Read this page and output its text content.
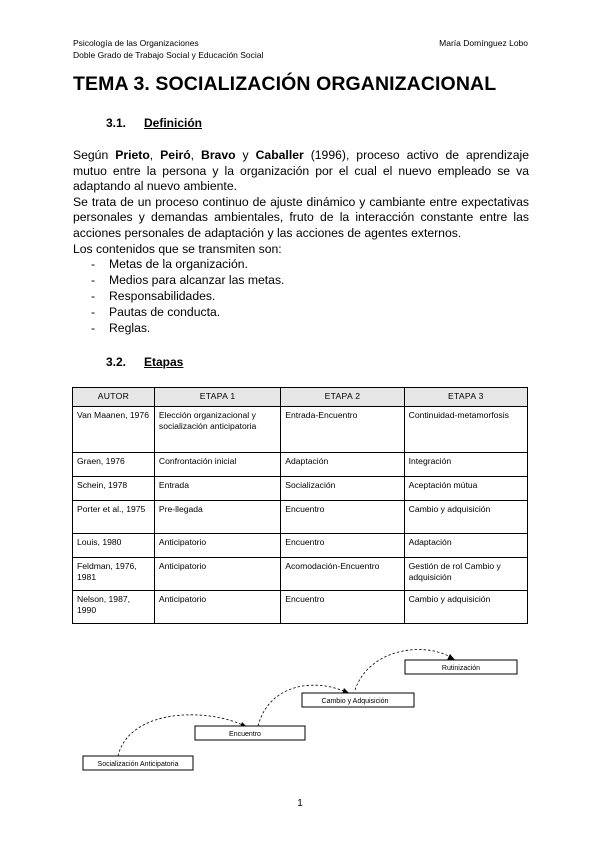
Psicología de las Organizaciones
Doble Grado de Trabajo Social y Educación Social
María Domínguez Lobo
TEMA 3. SOCIALIZACIÓN ORGANIZACIONAL
3.1. Definición

Según Prieto, Peiró, Bravo y Caballer (1996), proceso activo de aprendizaje mutuo entre la persona y la organización por el cual el nuevo empleado se va adaptando al nuevo ambiente.

Se trata de un proceso continuo de ajuste dinámico y cambiante entre expectativas personales y demandas ambientales, fruto de la interacción constante entre las acciones personales de adaptación y las acciones de agentes externos.

Los contenidos que se transmiten son:

- Metas de la organización.
- Medios para alcanzar las metas.
- Responsabilidades.
- Pautas de conducta.
- Reglas.
3.2. Etapas
AUTOR	ETAPA 1	ETAPA 2	ETAPA 3
Van Maanen, 1976	Elección organizacional y socialización anticipatoria	Entrada-Encuentro	Continuidad-metamorfosis
Graen, 1976	Confrontación inicial	Adaptación	Integración
Schein, 1978	Entrada	Socialización	Aceptación mútua
Porter et al., 1975	Pre-llegada	Encuentro	Cambio y adquisición
Louis, 1980	Anticipatorio	Encuentro	Adaptación
Feldman, 1976, 1981	Anticipatorio	Acomodación-Encuentro	Gestión de rol Cambio y adquisición
Nelson, 1987, 1990	Anticipatorio	Encuentro	Cambio y adquisición
Socialización Anticipatoria
Encuentro
Cambio y Adquisición
Rutinización
1
